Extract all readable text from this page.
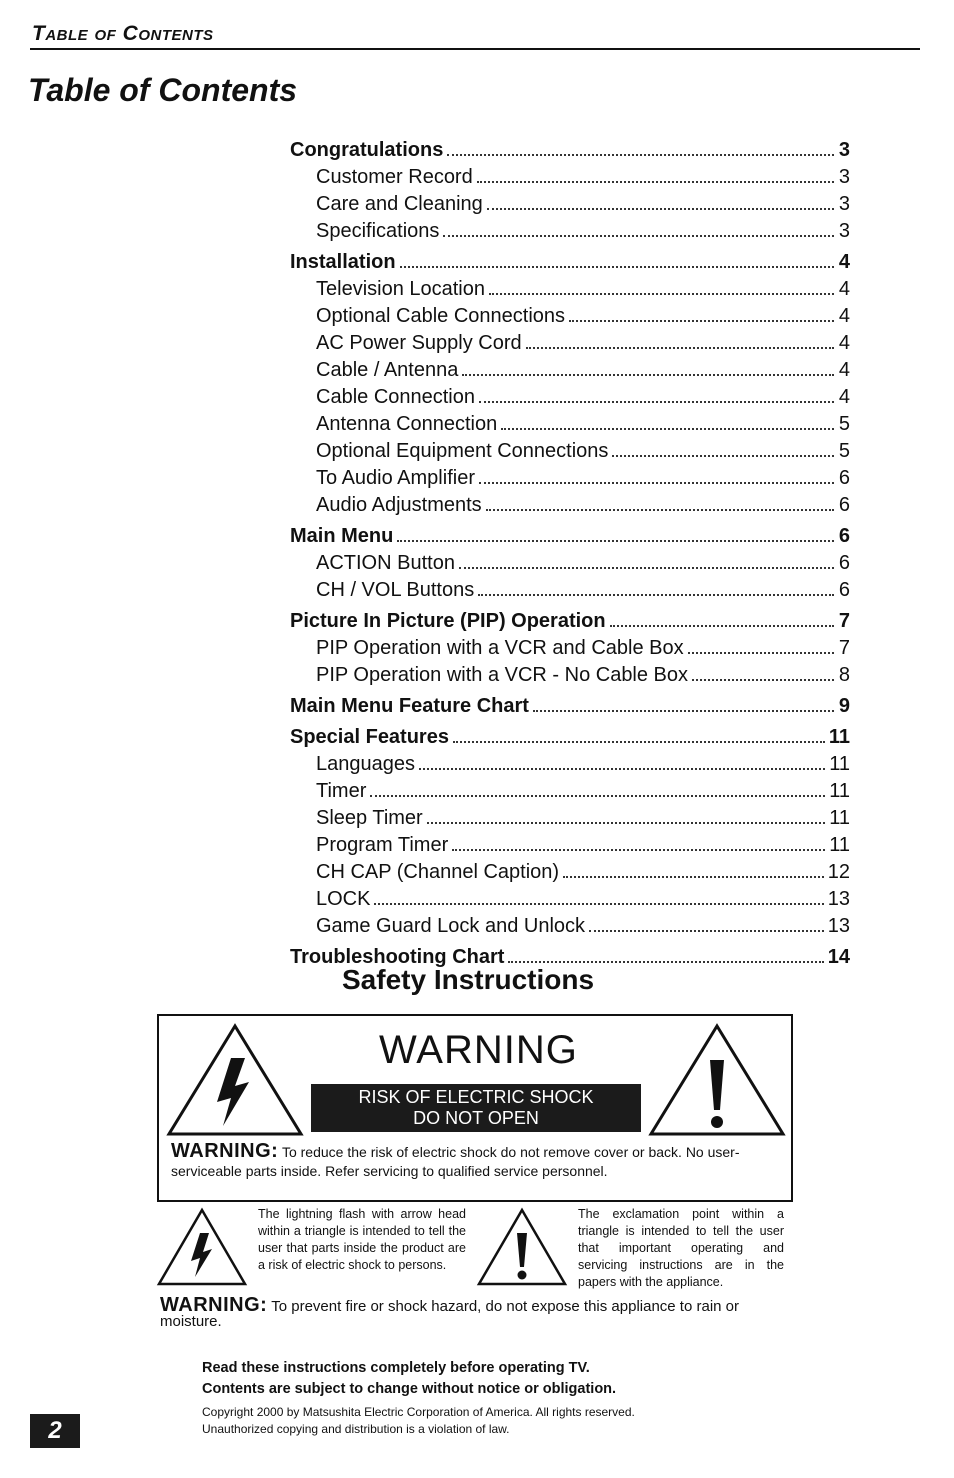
Table of Contents
Table of Contents
Congratulations	3
Customer Record	3
Care and Cleaning	3
Specifications	3
Installation	4
Television Location	4
Optional Cable Connections	4
AC Power Supply Cord	4
Cable / Antenna	4
Cable Connection	4
Antenna Connection	5
Optional Equipment Connections	5
To Audio Amplifier	6
Audio Adjustments	6
Main Menu	6
ACTION Button	6
CH / VOL Buttons	6
Picture In Picture (PIP) Operation	7
PIP Operation with a VCR and Cable Box	7
PIP Operation with a VCR - No Cable Box	8
Main Menu Feature Chart	9
Special Features	11
Languages	11
Timer	11
Sleep Timer	11
Program Timer	11
CH CAP (Channel Caption)	12
LOCK	13
Game Guard Lock and Unlock	13
Troubleshooting Chart	14
Safety Instructions
WARNING
RISK OF ELECTRIC SHOCK
DO NOT OPEN
WARNING: To reduce the risk of electric shock do not remove cover or back. No user-serviceable parts inside. Refer servicing to qualified service personnel.
The lightning flash with arrow head within a triangle is intended to tell the user that parts inside the product are a risk of electric shock to persons.
The exclamation point within a triangle is intended to tell the user that important operating and servicing instructions are in the papers with the appliance.
WARNING: To prevent fire or shock hazard, do not expose this appliance to rain or moisture.
Read these instructions completely before operating TV.
Contents are subject to change without notice or obligation.
Copyright 2000 by Matsushita Electric Corporation of America. All rights reserved.
Unauthorized copying and distribution is a violation of law.
2
